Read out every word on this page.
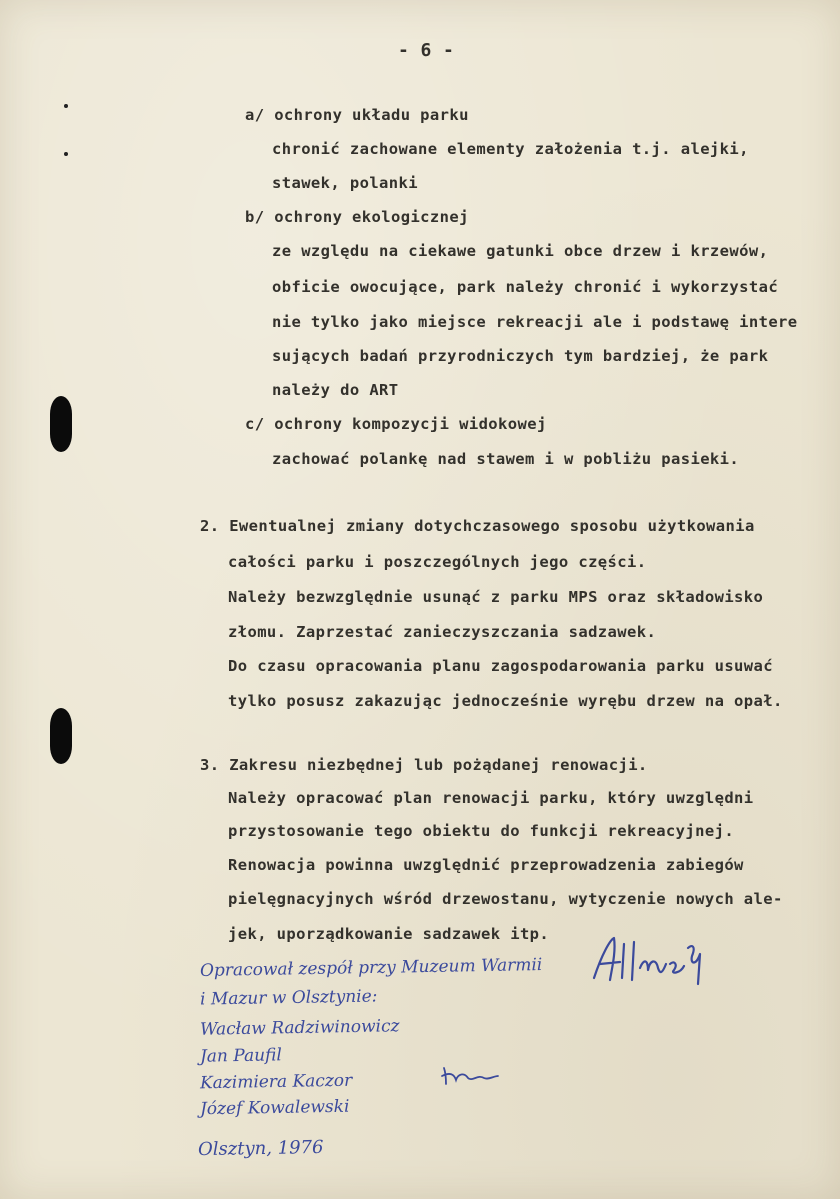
- 6 -
a/ ochrony układu parku
chronić zachowane elementy założenia t.j. alejki,
stawek, polanki
b/ ochrony ekologicznej
ze względu na ciekawe gatunki obce drzew i krzewów,
obficie owocujące, park należy chronić i wykorzystać
nie tylko jako miejsce rekreacji ale i podstawę intere
sujących badań przyrodniczych tym bardziej, że park
należy do ART
c/ ochrony kompozycji widokowej
zachować polankę nad stawem i w pobliżu pasieki.
2. Ewentualnej zmiany dotychczasowego sposobu użytkowania
całości parku i poszczególnych jego części.
Należy bezwzględnie usunąć z parku MPS oraz składowisko
złomu. Zaprzestać zanieczyszczania sadzawek.
Do czasu opracowania planu zagospodarowania parku usuwać
tylko posusz zakazując jednocześnie wyrębu drzew na opał.
3. Zakresu niezbędnej lub pożądanej renowacji.
Należy opracować plan renowacji parku, który uwzględni
przystosowanie tego obiektu do funkcji rekreacyjnej.
Renowacja powinna uwzględnić przeprowadzenia zabiegów
pielęgnacyjnych wśród drzewostanu, wytyczenie nowych ale-
jek, uporządkowanie sadzawek itp.
Opracował zespół przy Muzeum Warmii
i Mazur w Olsztynie:
Wacław Radziwinowicz
Jan Paufil
Kazimiera Kaczor
Józef Kowalewski
Olsztyn, 1976
